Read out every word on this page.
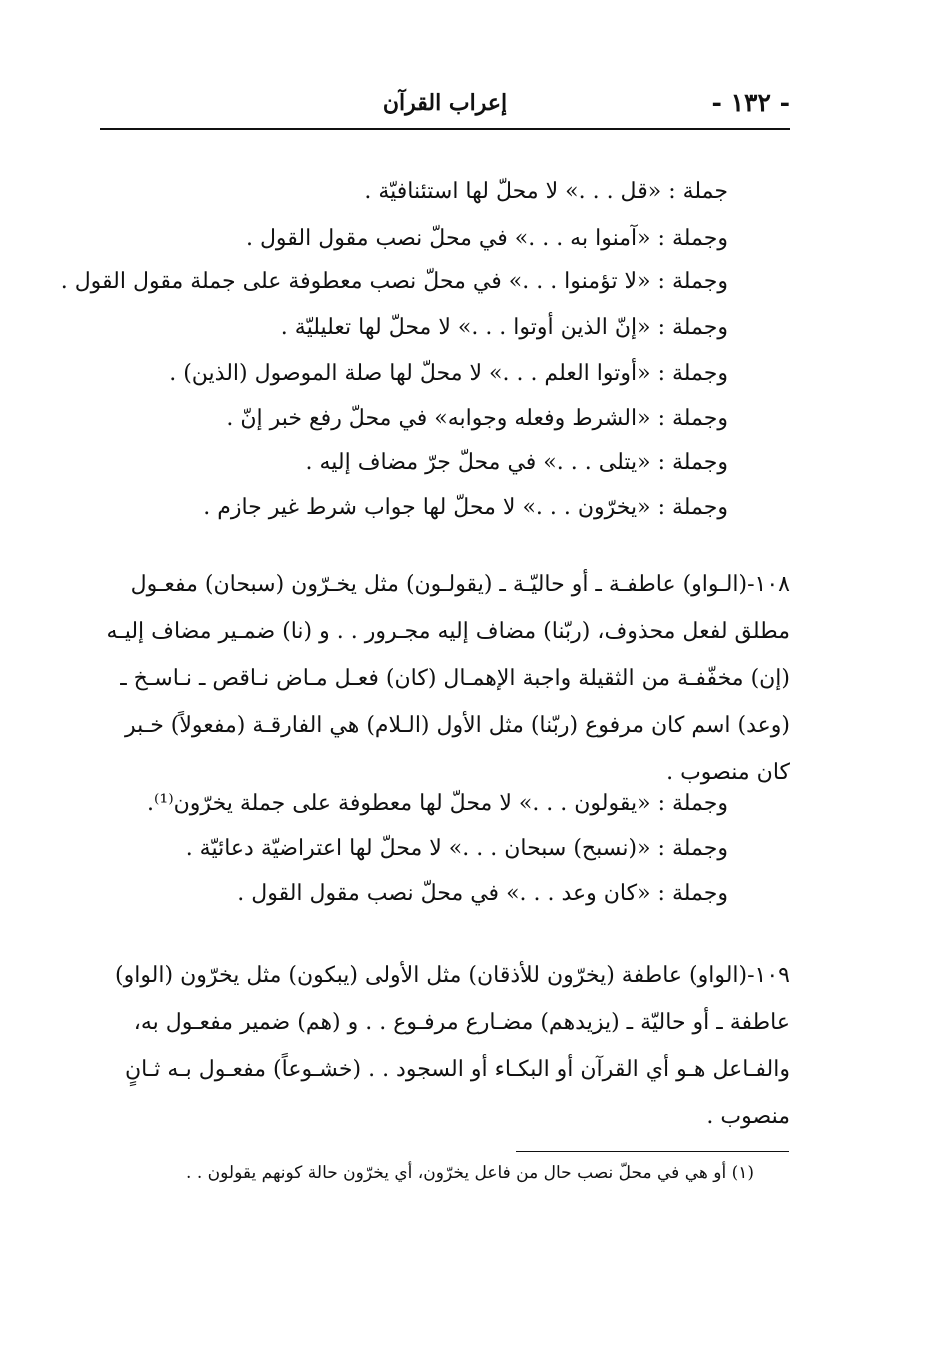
- ١٣٢ -
إعراب القرآن
جملة : «قل . . .» لا محلّ لها استئنافيّة .
وجملة : «آمنوا به . . .» في محلّ نصب مقول القول .
وجملة : «لا تؤمنوا . . .» في محلّ نصب معطوفة على جملة مقول القول .
وجملة : «إنّ الذين أوتوا . . .» لا محلّ لها تعليليّة .
وجملة : «أوتوا العلم . . .» لا محلّ لها صلة الموصول (الذين) .
وجملة : «الشرط وفعله وجوابه» في محلّ رفع خبر إنّ .
وجملة : «يتلى . . .» في محلّ جرّ مضاف إليه .
وجملة : «يخرّون . . .» لا محلّ لها جواب شرط غير جازم .
١٠٨-(الـواو) عاطفـة ـ أو حاليّـة ـ (يقولـون) مثل يخـرّون (سبحان) مفعـول
مطلق لفعل محذوف، (ربّنا) مضاف إليه مجـرور . . و (نا) ضمـير مضاف إليـه
(إن) مخفّفـة من الثقيلة واجبة الإهمـال (كان) فعـل مـاض نـاقص ـ نـاسـخ ـ
(وعد) اسم كان مرفوع (ربّنا) مثل الأول (الـلام) هي الفارقـة (مفعولاً) خـبر
كان منصوب .
وجملة : «يقولون . . .» لا محلّ لها معطوفة على جملة يخرّون⁽¹⁾.
وجملة : «(نسبح) سبحان . . .» لا محلّ لها اعتراضيّة دعائيّة .
وجملة : «كان وعد . . .» في محلّ نصب مقول القول .
١٠٩-(الواو) عاطفة (يخرّون للأذقان) مثل الأولى (يبكون) مثل يخرّون (الواو)
عاطفة ـ أو حاليّة ـ (يزيدهم) مضـارع مرفـوع . . و (هم) ضمير مفعـول به،
والفـاعل هـو أي القرآن أو البكـاء أو السجود . . (خشـوعاً) مفعـول بـه ثـانٍ
منصوب .
(١) أو هي في محلّ نصب حال من فاعل يخرّون، أي يخرّون حالة كونهم يقولون . .
